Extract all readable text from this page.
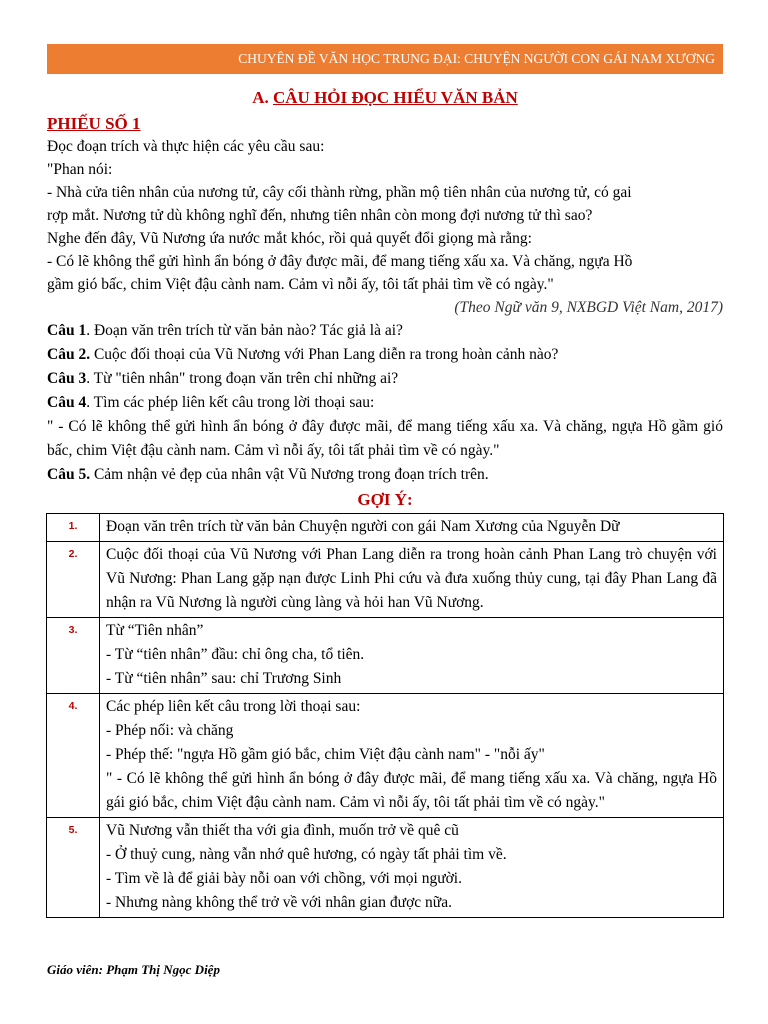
CHUYÊN ĐỀ VĂN HỌC TRUNG ĐẠI: CHUYỆN NGƯỜI CON GÁI NAM XƯƠNG
A. CÂU HỎI ĐỌC HIỂU VĂN BẢN
PHIẾU SỐ 1

Đọc đoạn trích và thực hiện các yêu cầu sau:

"Phan nói:

- Nhà cửa tiên nhân của nương tử, cây cối thành rừng, phần mộ tiên nhân của nương tử, có gai

rợp mắt. Nương tử dù không nghĩ đến, nhưng tiên nhân còn mong đợi nương tử thì sao?

Nghe đến đây, Vũ Nương ứa nước mắt khóc, rồi quả quyết đổi giọng mà rằng:

- Có lẽ không thể gửi hình ẩn bóng ở đây được mãi, để mang tiếng xấu xa. Và chăng, ngựa Hồ

gầm gió bấc, chim Việt đậu cành nam. Cảm vì nỗi ấy, tôi tất phải tìm về có ngày."

(Theo Ngữ văn 9, NXBGD Việt Nam, 2017)

Câu 1. Đoạn văn trên trích từ văn bản nào? Tác giả là ai?

Câu 2. Cuộc đối thoại của Vũ Nương với Phan Lang diễn ra trong hoàn cảnh nào?

Câu 3. Từ "tiên nhân" trong đoạn văn trên chỉ những ai?

Câu 4. Tìm các phép liên kết câu trong lời thoại sau:

" - Có lẽ không thể gửi hình ẩn bóng ở đây được mãi, để mang tiếng xấu xa. Và chăng, ngựa Hồ gầm gió bấc, chim Việt đậu cành nam. Cảm vì nỗi ấy, tôi tất phải tìm về có ngày."

Câu 5. Cảm nhận vẻ đẹp của nhân vật Vũ Nương trong đoạn trích trên.

GỢI Ý:
1.	Đoạn văn trên trích từ văn bản Chuyện người con gái Nam Xương của Nguyễn Dữ

2.	Cuộc đối thoại của Vũ Nương với Phan Lang diễn ra trong hoàn cảnh Phan Lang trò chuyện với Vũ Nương: Phan Lang gặp nạn được Linh Phi cứu và đưa xuống thủy cung, tại đây Phan Lang đã nhận ra Vũ Nương là người cùng làng và hỏi han Vũ Nương.

3.	Từ “Tiên nhân”
- Từ “tiên nhân” đầu: chỉ ông cha, tổ tiên.
- Từ “tiên nhân” sau: chỉ Trương Sinh

4.	Các phép liên kết câu trong lời thoại sau:
- Phép nối: và chăng
- Phép thế: "ngựa Hồ gầm gió bắc, chim Việt đậu cành nam" - "nỗi ấy"
" - Có lẽ không thể gửi hình ẩn bóng ở đây được mãi, để mang tiếng xấu xa. Và chăng, ngựa Hồ gái gió bắc, chim Việt đậu cành nam. Cảm vì nỗi ấy, tôi tất phải tìm về có ngày."

5.	Vũ Nương vẫn thiết tha với gia đình, muốn trở về quê cũ
- Ở thuỷ cung, nàng vẫn nhớ quê hương, có ngày tất phải tìm về.
- Tìm về là để giải bày nỗi oan với chồng, với mọi người.
- Nhưng nàng không thể trở về với nhân gian được nữa.
Giáo viên: Phạm Thị Ngọc Diệp
